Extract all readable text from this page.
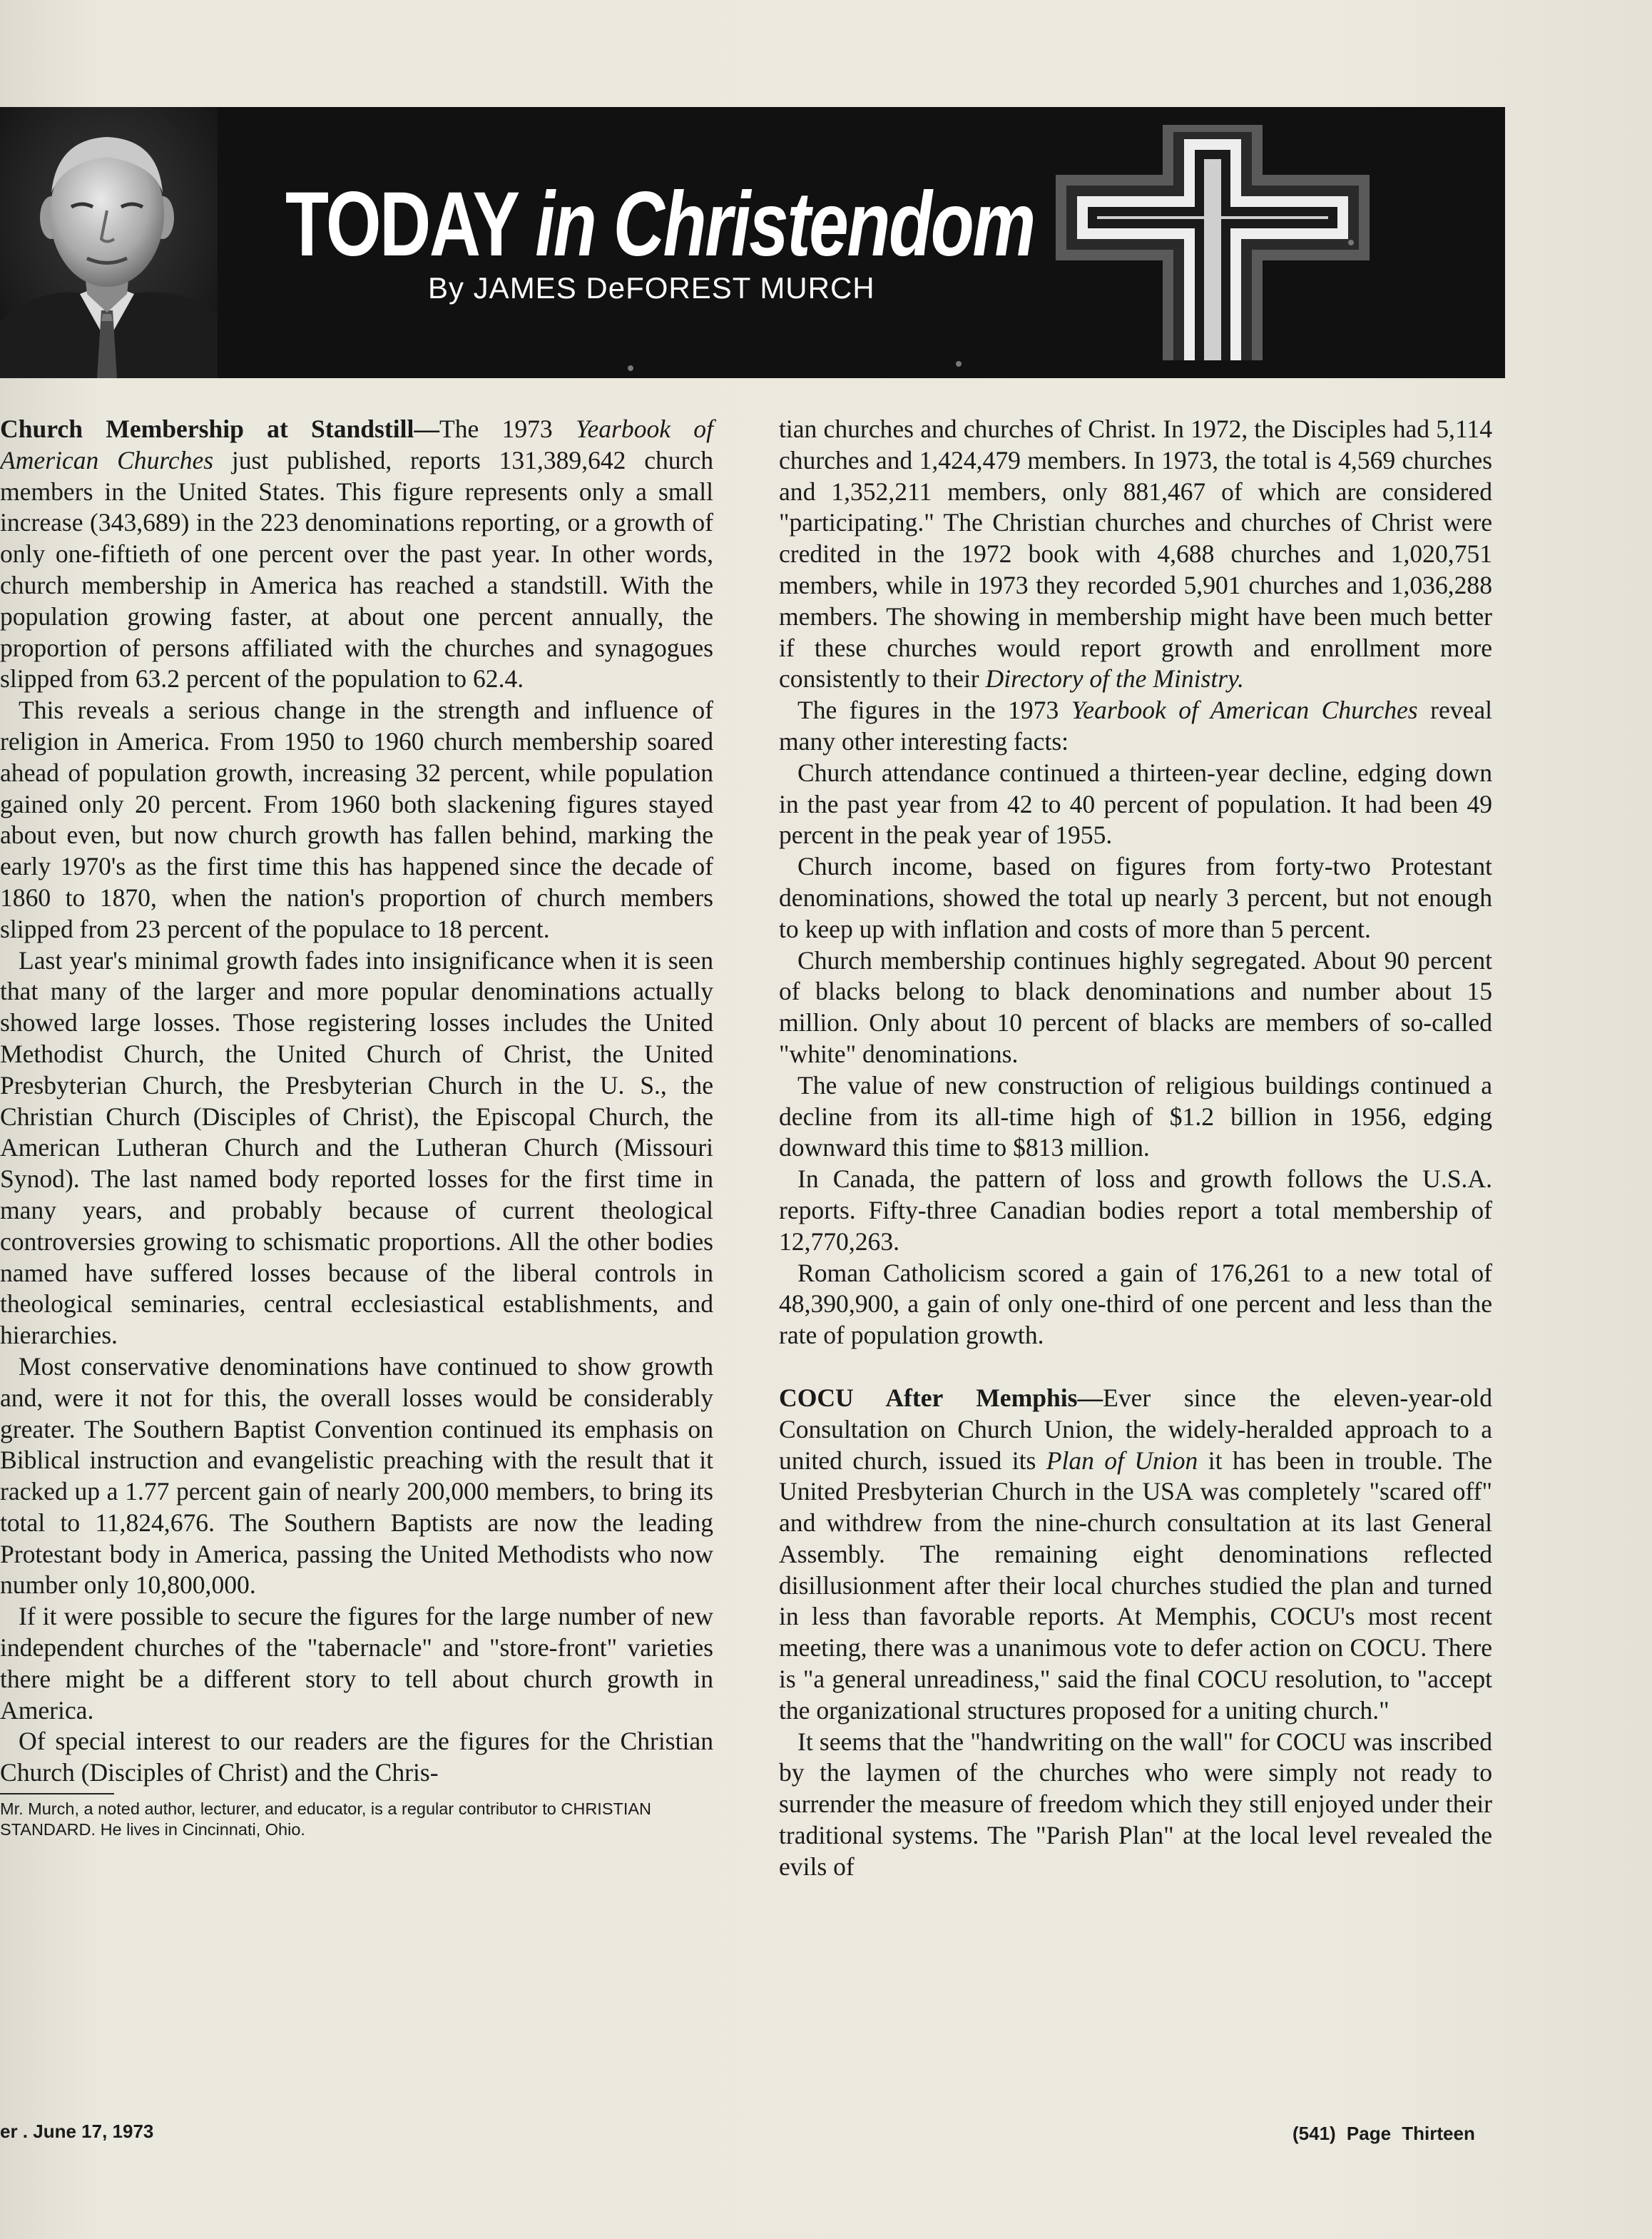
TODAY in Christendom
By JAMES DeFOREST MURCH

Church Membership at Standstill—The 1973 Yearbook of American Churches just published, reports 131,389,642 church members in the United States. This figure represents only a small increase (343,689) in the 223 denominations reporting, or a growth of only one-fiftieth of one percent over the past year. In other words, church membership in America has reached a standstill. With the population growing faster, at about one percent annually, the proportion of persons affiliated with the churches and synagogues slipped from 63.2 percent of the population to 62.4.

This reveals a serious change in the strength and influence of religion in America. From 1950 to 1960 church membership soared ahead of population growth, increasing 32 percent, while population gained only 20 percent. From 1960 both slackening figures stayed about even, but now church growth has fallen behind, marking the early 1970's as the first time this has happened since the decade of 1860 to 1870, when the nation's proportion of church members slipped from 23 percent of the populace to 18 percent.

Last year's minimal growth fades into insignificance when it is seen that many of the larger and more popular denominations actually showed large losses. Those registering losses includes the United Methodist Church, the United Church of Christ, the United Presbyterian Church, the Presbyterian Church in the U. S., the Christian Church (Disciples of Christ), the Episcopal Church, the American Lutheran Church and the Lutheran Church (Missouri Synod). The last named body reported losses for the first time in many years, and probably because of current theological controversies growing to schismatic proportions. All the other bodies named have suffered losses because of the liberal controls in theological seminaries, central ecclesiastical establishments, and hierarchies.

Most conservative denominations have continued to show growth and, were it not for this, the overall losses would be considerably greater. The Southern Baptist Convention continued its emphasis on Biblical instruction and evangelistic preaching with the result that it racked up a 1.77 percent gain of nearly 200,000 members, to bring its total to 11,824,676. The Southern Baptists are now the leading Protestant body in America, passing the United Methodists who now number only 10,800,000.

If it were possible to secure the figures for the large number of new independent churches of the "tabernacle" and "store-front" varieties there might be a different story to tell about church growth in America.

Of special interest to our readers are the figures for the Christian Church (Disciples of Christ) and the Chris-

Mr. Murch, a noted author, lecturer, and educator, is a regular contributor to CHRISTIAN STANDARD. He lives in Cincinnati, Ohio.

tian churches and churches of Christ. In 1972, the Disciples had 5,114 churches and 1,424,479 members. In 1973, the total is 4,569 churches and 1,352,211 members, only 881,467 of which are considered "participating." The Christian churches and churches of Christ were credited in the 1972 book with 4,688 churches and 1,020,751 members, while in 1973 they recorded 5,901 churches and 1,036,288 members. The showing in membership might have been much better if these churches would report growth and enrollment more consistently to their Directory of the Ministry.

The figures in the 1973 Yearbook of American Churches reveal many other interesting facts:

Church attendance continued a thirteen-year decline, edging down in the past year from 42 to 40 percent of population. It had been 49 percent in the peak year of 1955.

Church income, based on figures from forty-two Protestant denominations, showed the total up nearly 3 percent, but not enough to keep up with inflation and costs of more than 5 percent.

Church membership continues highly segregated. About 90 percent of blacks belong to black denominations and number about 15 million. Only about 10 percent of blacks are members of so-called "white" denominations.

The value of new construction of religious buildings continued a decline from its all-time high of $1.2 billion in 1956, edging downward this time to $813 million.

In Canada, the pattern of loss and growth follows the U.S.A. reports. Fifty-three Canadian bodies report a total membership of 12,770,263.

Roman Catholicism scored a gain of 176,261 to a new total of 48,390,900, a gain of only one-third of one percent and less than the rate of population growth.

COCU After Memphis—Ever since the eleven-year-old Consultation on Church Union, the widely-heralded approach to a united church, issued its Plan of Union it has been in trouble. The United Presbyterian Church in the USA was completely "scared off" and withdrew from the nine-church consultation at its last General Assembly. The remaining eight denominations reflected disillusionment after their local churches studied the plan and turned in less than favorable reports. At Memphis, COCU's most recent meeting, there was a unanimous vote to defer action on COCU. There is "a general unreadiness," said the final COCU resolution, to "accept the organizational structures proposed for a uniting church."

It seems that the "handwriting on the wall" for COCU was inscribed by the laymen of the churches who were simply not ready to surrender the measure of freedom which they still enjoyed under their traditional systems. The "Parish Plan" at the local level revealed the evils of

er . June 17, 1973	(541) Page Thirteen
